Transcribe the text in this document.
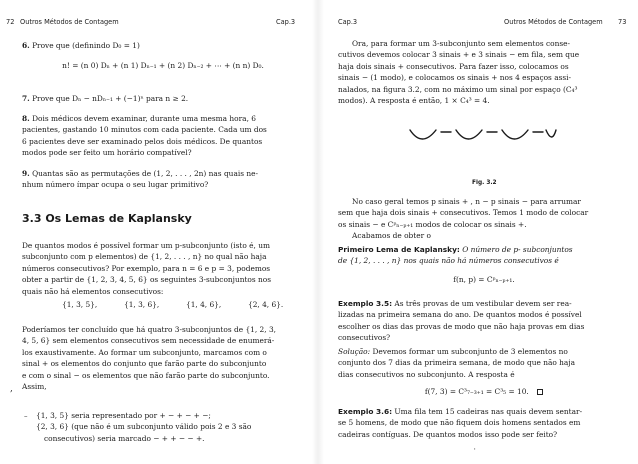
72 Outros Métodos de Contagem	Cap.3
6. Prove que (definindo D₀ = 1)
n! = (n 0) Dₙ + (n 1) Dₙ₋₁ + (n 2) Dₙ₋₂ + ⋯ + (n n) D₀.
7. Prove que Dₙ − nDₙ₋₁ + (−1)ⁿ para n ≥ 2.
8. Dois médicos devem examinar, durante uma mesma hora, 6
pacientes, gastando 10 minutos com cada paciente. Cada um dos
6 pacientes deve ser examinado pelos dois médicos. De quantos
modos pode ser feito um horário compatível?
9. Quantas são as permutações de (1, 2, . . . , 2n) nas quais ne-
nhum número ímpar ocupa o seu lugar primitivo?
3.3 Os Lemas de Kaplansky
De quantos modos é possível formar um p-subconjunto (isto é, um
subconjunto com p elementos) de {1, 2, . . . , n} no qual não haja
números consecutivos? Por exemplo, para n = 6 e p = 3, podemos
obter a partir de {1, 2, 3, 4, 5, 6} os seguintes 3-subconjuntos nos
quais não há elementos consecutivos:
{1, 3, 5},	{1, 3, 6},	{1, 4, 6},	{2, 4, 6}.
Poderíamos ter concluído que há quatro 3-subconjuntos de {1, 2, 3,
4, 5, 6} sem elementos consecutivos sem necessidade de enumerá-
los exaustivamente. Ao formar um subconjunto, marcamos com o
sinal + os elementos do conjunto que farão parte do subconjunto
e com o sinal − os elementos que não farão parte do subconjunto.
Assim,
– {1, 3, 5} seria representado por + − + − + −;
{2, 3, 6} (que não é um subconjunto válido pois 2 e 3 são
consecutivos) seria marcado − + + − − +.
,
Cap.3	Outros Métodos de Contagem 73
Ora, para formar um 3-subconjunto sem elementos conse-
cutivos devemos colocar 3 sinais + e 3 sinais − em fila, sem que
haja dois sinais + consecutivos. Para fazer isso, colocamos os
sinais − (1 modo), e colocamos os sinais + nos 4 espaços assi-
nalados, na figura 3.2, com no máximo um sinal por espaço (C₄³
modos). A resposta é então, 1 × C₄³ = 4.
Fig. 3.2
No caso geral temos p sinais + , n − p sinais − para arrumar
sem que haja dois sinais + consecutivos. Temos 1 modo de colocar
os sinais − e Cᵖₙ₋ₚ₊₁ modos de colocar os sinais +.
Acabamos de obter o
Primeiro Lema de Kaplansky: O número de p- subconjuntos
de {1, 2, . . . , n} nos quais não há números consecutivos é
f(n, p) = Cᵖₙ₋ₚ₊₁.
Exemplo 3.5: As três provas de um vestibular devem ser rea-
lizadas na primeira semana do ano. De quantos modos é possível
escolher os dias das provas de modo que não haja provas em dias
consecutivos?
Solução: Devemos formar um subconjunto de 3 elementos no
conjunto dos 7 dias da primeira semana, de modo que não haja
dias consecutivos no subconjunto. A resposta é
f(7, 3) = C³₇₋₃₊₁ = C³₅ = 10.
Exemplo 3.6: Uma fila tem 15 cadeiras nas quais devem sentar-
se 5 homens, de modo que não fiquem dois homens sentados em
cadeiras contíguas. De quantos modos isso pode ser feito?
'
